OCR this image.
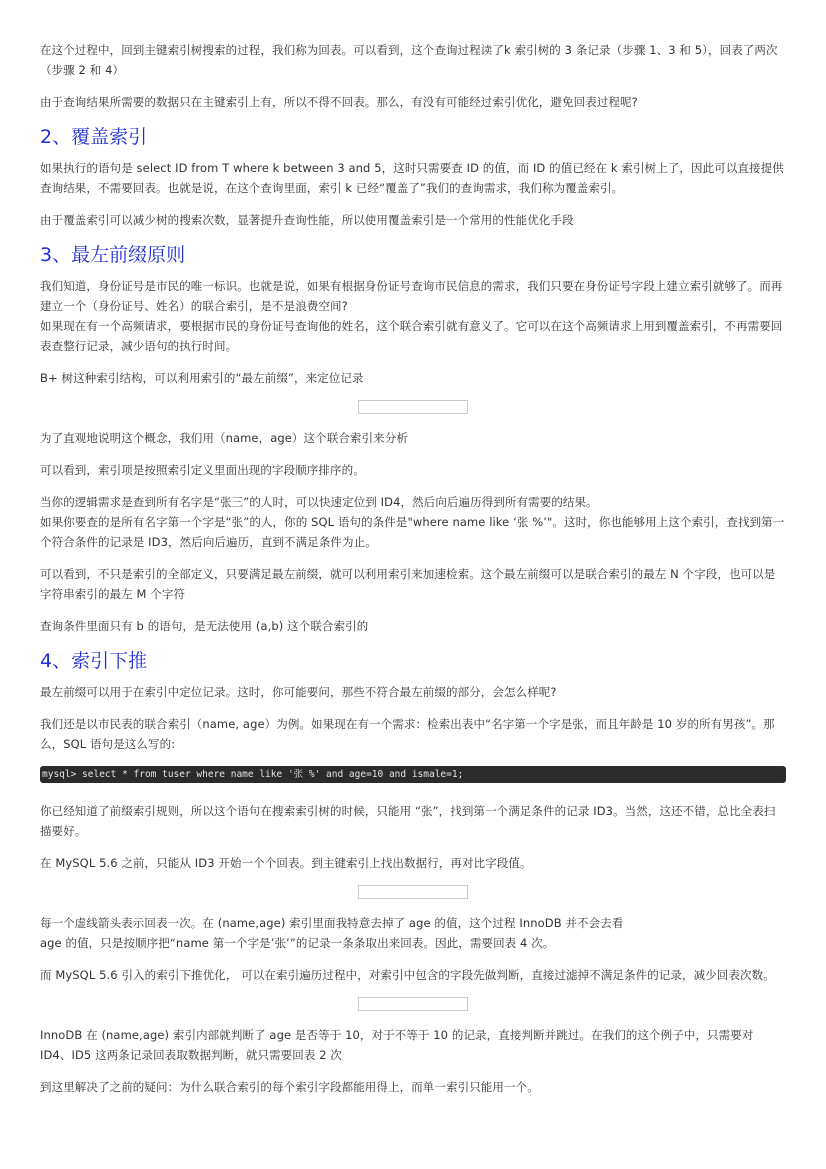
在这个过程中，回到主键索引树搜索的过程，我们称为回表。可以看到，这个查询过程读了k 索引树的 3 条记录（步骤 1、3 和 5），回表了两次（步骤 2 和 4）

由于查询结果所需要的数据只在主键索引上有，所以不得不回表。那么，有没有可能经过索引优化，避免回表过程呢?

2、覆盖索引

如果执行的语句是 select ID from T where k between 3 and 5，这时只需要查 ID 的值，而 ID 的值已经在 k 索引树上了，因此可以直接提供查询结果，不需要回表。也就是说，在这个查询里面，索引 k 已经“覆盖了”我们的查询需求，我们称为覆盖索引。

由于覆盖索引可以减少树的搜索次数，显著提升查询性能，所以使用覆盖索引是一个常用的性能优化手段

3、最左前缀原则

我们知道，身份证号是市民的唯一标识。也就是说，如果有根据身份证号查询市民信息的需求，我们只要在身份证号字段上建立索引就够了。而再建立一个（身份证号、姓名）的联合索引，是不是浪费空间?

如果现在有一个高频请求，要根据市民的身份证号查询他的姓名，这个联合索引就有意义了。它可以在这个高频请求上用到覆盖索引，不再需要回表查整行记录，减少语句的执行时间。

B+ 树这种索引结构，可以利用索引的“最左前缀”，来定位记录

为了直观地说明这个概念，我们用（name，age）这个联合索引来分析

可以看到，索引项是按照索引定义里面出现的字段顺序排序的。

当你的逻辑需求是查到所有名字是“张三”的人时，可以快速定位到 ID4，然后向后遍历得到所有需要的结果。

如果你要查的是所有名字第一个字是“张”的人，你的 SQL 语句的条件是"where name like ‘张 %’"。这时，你也能够用上这个索引，查找到第一个符合条件的记录是 ID3，然后向后遍历，直到不满足条件为止。

可以看到，不只是索引的全部定义，只要满足最左前缀，就可以利用索引来加速检索。这个最左前缀可以是联合索引的最左 N 个字段，也可以是字符串索引的最左 M 个字符

查询条件里面只有 b 的语句，是无法使用 (a,b) 这个联合索引的

4、索引下推

最左前缀可以用于在索引中定位记录。这时，你可能要问，那些不符合最左前缀的部分，会怎么样呢?

我们还是以市民表的联合索引（name, age）为例。如果现在有一个需求：检索出表中“名字第一个字是张，而且年龄是 10 岁的所有男孩”。那么，SQL 语句是这么写的:

mysql> select * from tuser where name like '张 %' and age=10 and ismale=1;

你已经知道了前缀索引规则，所以这个语句在搜索索引树的时候，只能用 “张”，找到第一个满足条件的记录 ID3。当然，这还不错，总比全表扫描要好。

在 MySQL 5.6 之前，只能从 ID3 开始一个个回表。到主键索引上找出数据行，再对比字段值。

每一个虚线箭头表示回表一次。在 (name,age) 索引里面我特意去掉了 age 的值，这个过程 InnoDB 并不会去看

age 的值，只是按顺序把“name 第一个字是’张’”的记录一条条取出来回表。因此，需要回表 4 次。

而 MySQL 5.6 引入的索引下推优化， 可以在索引遍历过程中，对索引中包含的字段先做判断，直接过滤掉不满足条件的记录，减少回表次数。

InnoDB 在 (name,age) 索引内部就判断了 age 是否等于 10，对于不等于 10 的记录，直接判断并跳过。在我们的这个例子中，只需要对 ID4、ID5 这两条记录回表取数据判断，就只需要回表 2 次

到这里解决了之前的疑问：为什么联合索引的每个索引字段都能用得上，而单一索引只能用一个。
